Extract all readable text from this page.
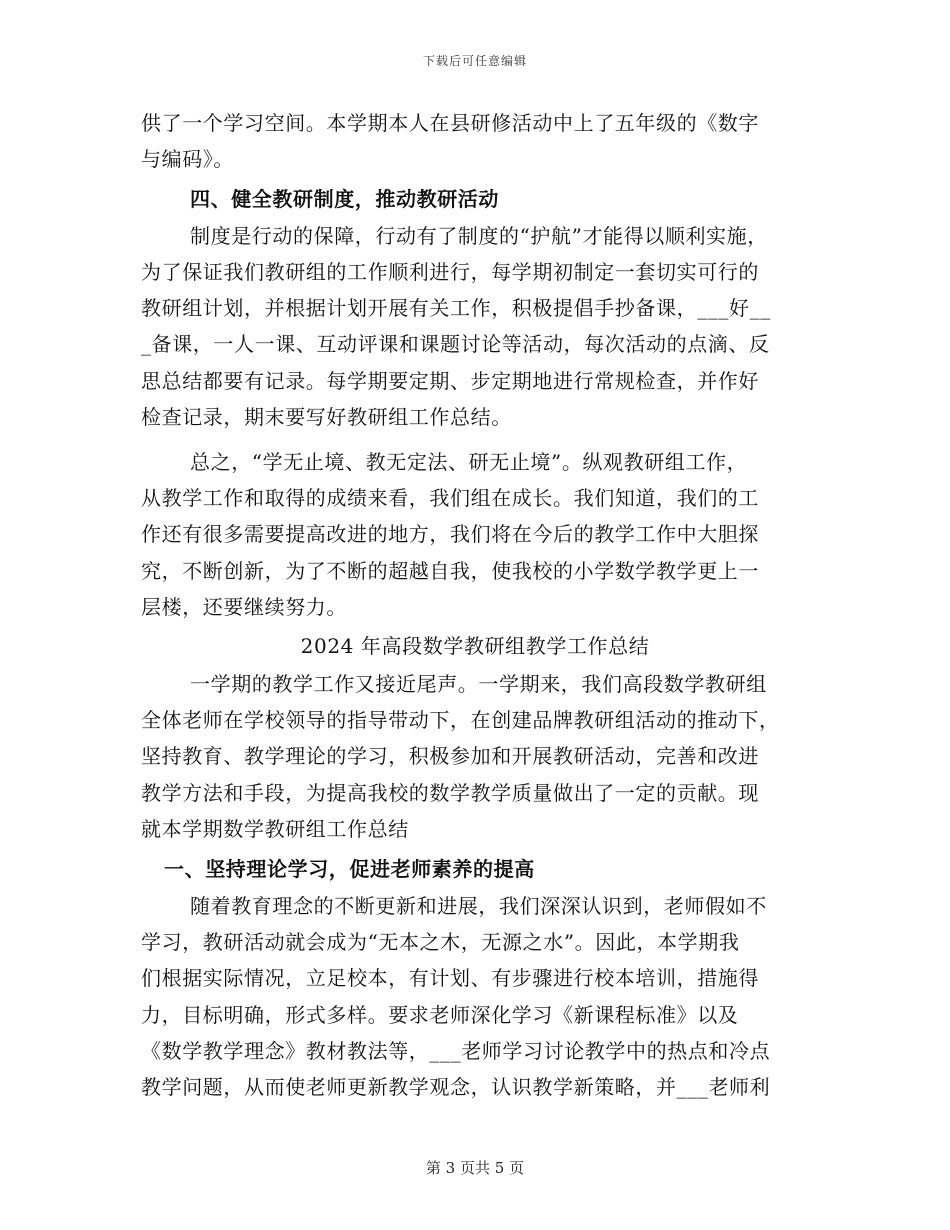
下载后可任意编辑
供了一个学习空间。本学期本人在县研修活动中上了五年级的《数字
与编码》。
四、健全教研制度，推动教研活动
制度是行动的保障，行动有了制度的“护航”才能得以顺利实施，
为了保证我们教研组的工作顺利进行，每学期初制定一套切实可行的
教研组计划，并根据计划开展有关工作，积极提倡手抄备课，___好__
_备课，一人一课、互动评课和课题讨论等活动，每次活动的点滴、反
思总结都要有记录。每学期要定期、步定期地进行常规检查，并作好
检查记录，期末要写好教研组工作总结。
总之，“学无止境、教无定法、研无止境”。纵观教研组工作，
从教学工作和取得的成绩来看，我们组在成长。我们知道，我们的工
作还有很多需要提高改进的地方，我们将在今后的教学工作中大胆探
究，不断创新，为了不断的超越自我，使我校的小学数学教学更上一
层楼，还要继续努力。
2024 年高段数学教研组教学工作总结
一学期的教学工作又接近尾声。一学期来，我们高段数学教研组
全体老师在学校领导的指导带动下，在创建品牌教研组活动的推动下，
坚持教育、教学理论的学习，积极参加和开展教研活动，完善和改进
教学方法和手段，为提高我校的数学教学质量做出了一定的贡献。现
就本学期数学教研组工作总结
一、坚持理论学习，促进老师素养的提高
随着教育理念的不断更新和进展，我们深深认识到，老师假如不
学习，教研活动就会成为“无本之木，无源之水”。因此，本学期我
们根据实际情况，立足校本，有计划、有步骤进行校本培训，措施得
力，目标明确，形式多样。要求老师深化学习《新课程标准》以及
《数学教学理念》教材教法等，___老师学习讨论教学中的热点和冷点
教学问题，从而使老师更新教学观念，认识教学新策略，并___老师利
第 3 页共 5 页
